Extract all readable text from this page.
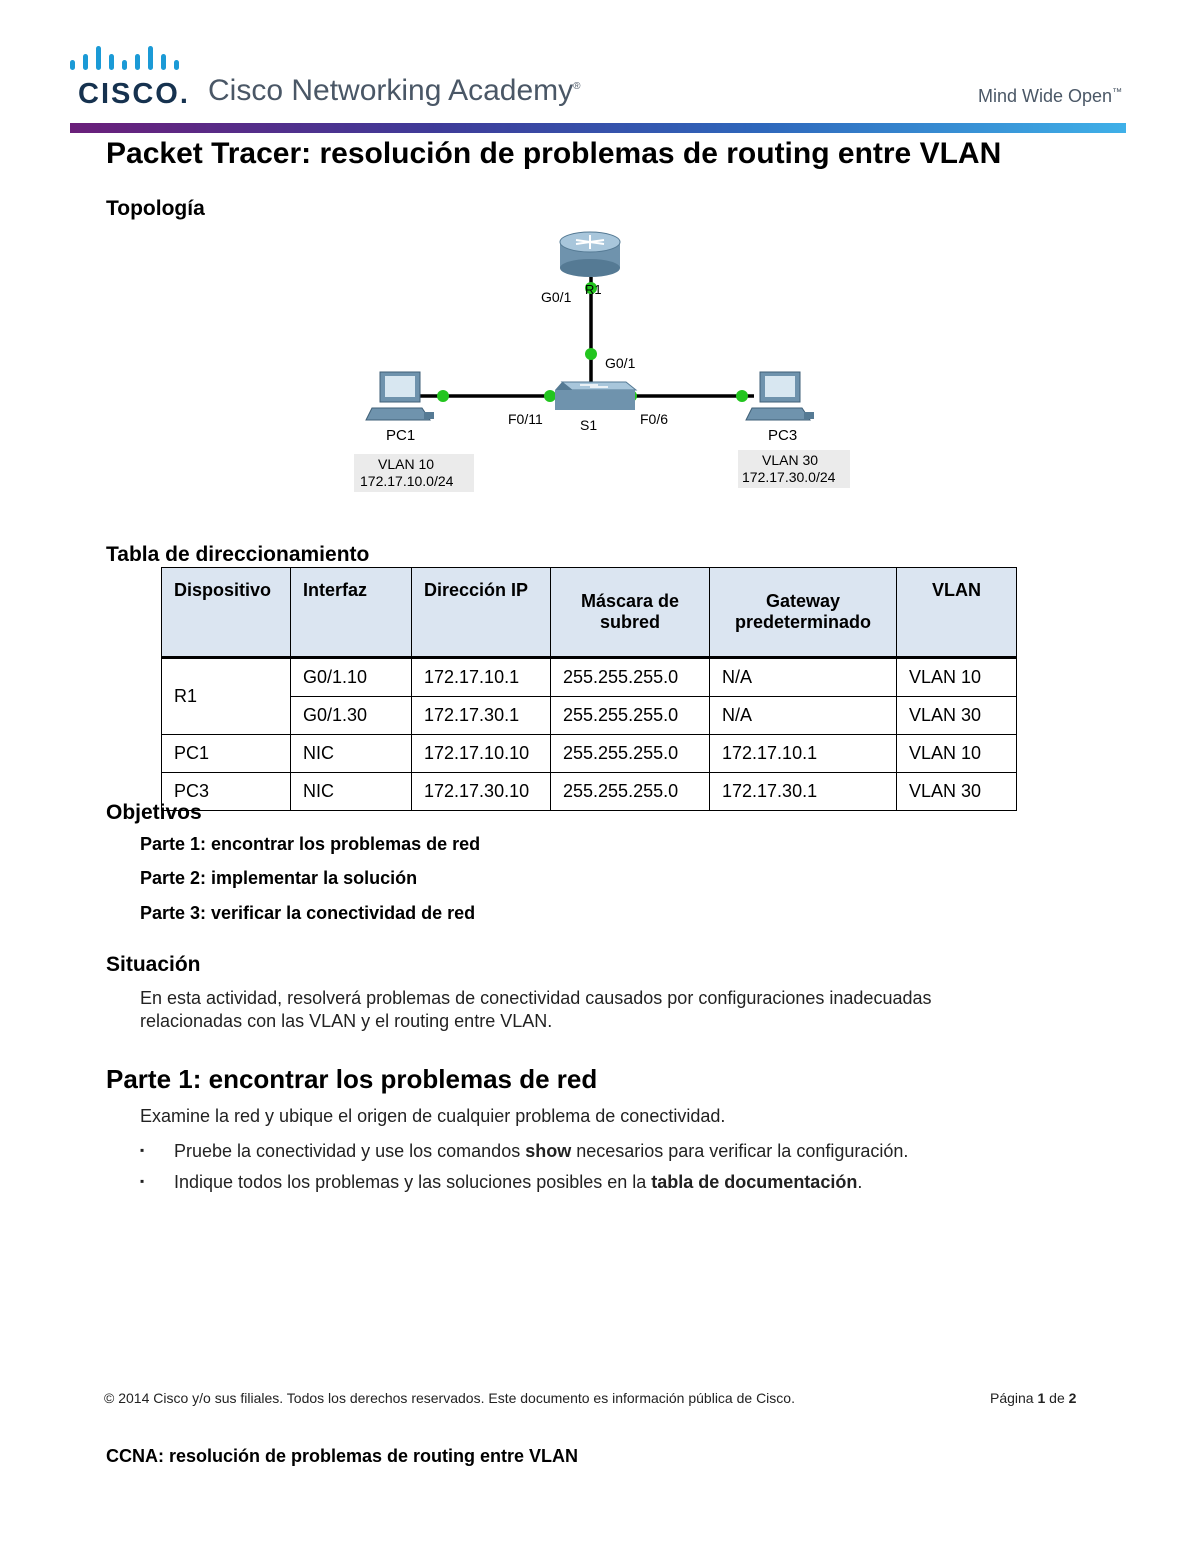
CISCO. Cisco Networking Academy®	Mind Wide Open™
Packet Tracer: resolución de problemas de routing entre VLAN
Topología
R1
G0/1
G0/1
S1
F0/11	F0/6
PC1
VLAN 10
172.17.10.0/24
PC3
VLAN 30
172.17.30.0/24
Tabla de direccionamiento
Dispositivo	Interfaz	Dirección IP	Máscara de subred	Gateway predeterminado	VLAN
R1	G0/1.10	172.17.10.1	255.255.255.0	N/A	VLAN 10
	G0/1.30	172.17.30.1	255.255.255.0	N/A	VLAN 30
PC1	NIC	172.17.10.10	255.255.255.0	172.17.10.1	VLAN 10
PC3	NIC	172.17.30.10	255.255.255.0	172.17.30.1	VLAN 30
Objetivos
Parte 1: encontrar los problemas de red
Parte 2: implementar la solución
Parte 3: verificar la conectividad de red
Situación
En esta actividad, resolverá problemas de conectividad causados por configuraciones inadecuadas
relacionadas con las VLAN y el routing entre VLAN.
Parte 1: encontrar los problemas de red
Examine la red y ubique el origen de cualquier problema de conectividad.
▪ Pruebe la conectividad y use los comandos show necesarios para verificar la configuración.
▪ Indique todos los problemas y las soluciones posibles en la tabla de documentación.
© 2014 Cisco y/o sus filiales. Todos los derechos reservados. Este documento es información pública de Cisco.	Página 1 de 2
CCNA: resolución de problemas de routing entre VLAN
